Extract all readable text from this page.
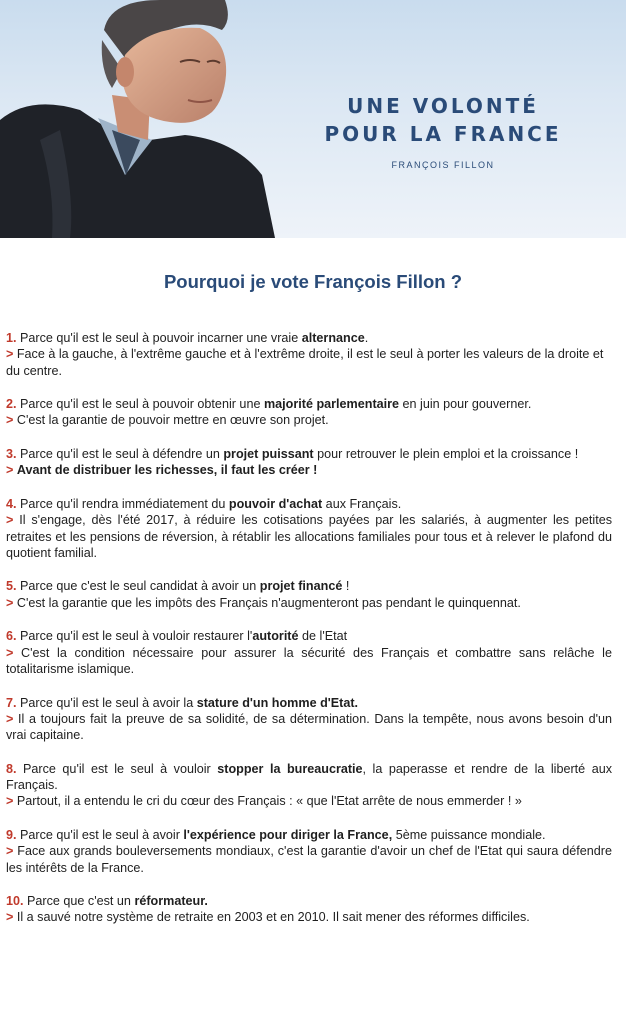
UNE VOLONTÉ
POUR LA FRANCE
FRANÇOIS FILLON
Pourquoi je vote François Fillon ?

1. Parce qu'il est le seul à pouvoir incarner une vraie alternance.

> Face à la gauche, à l'extrême gauche et à l'extrême droite, il est le seul à porter les valeurs de la droite et du centre.

2. Parce qu'il est le seul à pouvoir obtenir une majorité parlementaire en juin pour gouverner.

> C'est la garantie de pouvoir mettre en œuvre son projet.

3. Parce qu'il est le seul à défendre un projet puissant pour retrouver le plein emploi et la croissance !

> Avant de distribuer les richesses, il faut les créer !

4. Parce qu'il rendra immédiatement du pouvoir d'achat aux Français.

> Il s'engage, dès l'été 2017, à réduire les cotisations payées par les salariés, à augmenter les petites retraites et les pensions de réversion, à rétablir les allocations familiales pour tous et à relever le plafond du quotient familial.

5. Parce que c'est le seul candidat à avoir un projet financé !

> C'est la garantie que les impôts des Français n'augmenteront pas pendant le quinquennat.

6. Parce qu'il est le seul à vouloir restaurer l'autorité de l'Etat

> C'est la condition nécessaire pour assurer la sécurité des Français et combattre sans relâche le totalitarisme islamique.

7. Parce qu'il est le seul à avoir la stature d'un homme d'Etat.

> Il a toujours fait la preuve de sa solidité, de sa détermination. Dans la tempête, nous avons besoin d'un vrai capitaine.

8. Parce qu'il est le seul à vouloir stopper la bureaucratie, la paperasse et rendre de la liberté aux Français.

> Partout, il a entendu le cri du cœur des Français : « que l'Etat arrête de nous emmerder ! »

9. Parce qu'il est le seul à avoir l'expérience pour diriger la France, 5ème puissance mondiale.

> Face aux grands bouleversements mondiaux, c'est la garantie d'avoir un chef de l'Etat qui saura défendre les intérêts de la France.

10. Parce que c'est un réformateur.

> Il a sauvé notre système de retraite en 2003 et en 2010. Il sait mener des réformes difficiles.
